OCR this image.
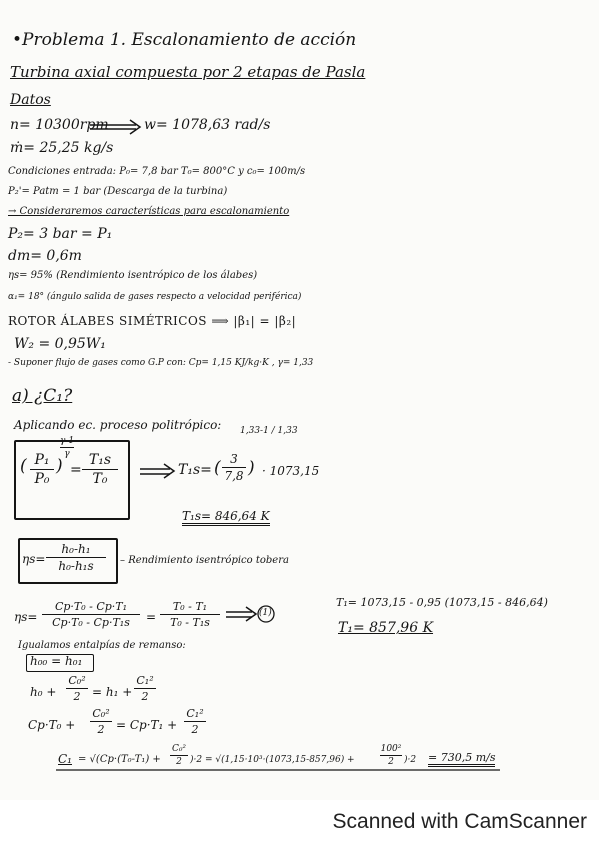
•Problema 1. Escalonamiento de acción
Turbina axial compuesta por 2 etapas de Pasla
Datos
n= 10300rpm	w= 1078,63 rad/s
ṁ= 25,25 kg/s
Condiciones entrada: P₀= 7,8 bar T₀= 800°C y c₀= 100m/s
P₂'= Patm = 1 bar (Descarga de la turbina)
→ Consideraremos características para escalonamiento
P₂= 3 bar = P₁
dm= 0,6m
ηs= 95% (Rendimiento isentrópico de los álabes)
α₁= 18° (ángulo salida de gases respecto a velocidad periférica)
ROTOR ÁLABES SIMÉTRICOS ⟹ |β₁| = |β₂|
W₂ = 0,95W₁
- Suponer flujo de gases como G.P con: Cp= 1,15 KJ/kg·K , γ= 1,33
a) ¿C₁?
Aplicando ec. proceso politrópico:
( P₁
P₀
)
γ-1
γ
=
T₁s
T₀
T₁s= ( 3
7,8 )
1,33-1 / 1,33
· 1073,15
T₁s= 846,64 K
ηs=
h₀-h₁
h₀-h₁s	– Rendimiento isentrópico tobera
ηs=
Cp·T₀ - Cp·T₁
Cp·T₀ - Cp·T₁s	=
T₀ - T₁
T₀ - T₁s
(1)
T₁= 1073,15 - 0,95 (1073,15 - 846,64)
T₁= 857,96 K
Igualamos entalpías de remanso:
h₀₀ = h₀₁
h₀ +
C₀²
2 = h₁ +
C₁²
2
Cp·T₀ +
C₀²
2 = Cp·T₁ +
C₁²
2
C₁ = √(Cp·(T₀-T₁) +
C₀²
2 )·2 = √(1,15·10³·(1073,15-857,96) +
100²
2	)·2 = 730,5 m/s
Scanned with CamScanner
